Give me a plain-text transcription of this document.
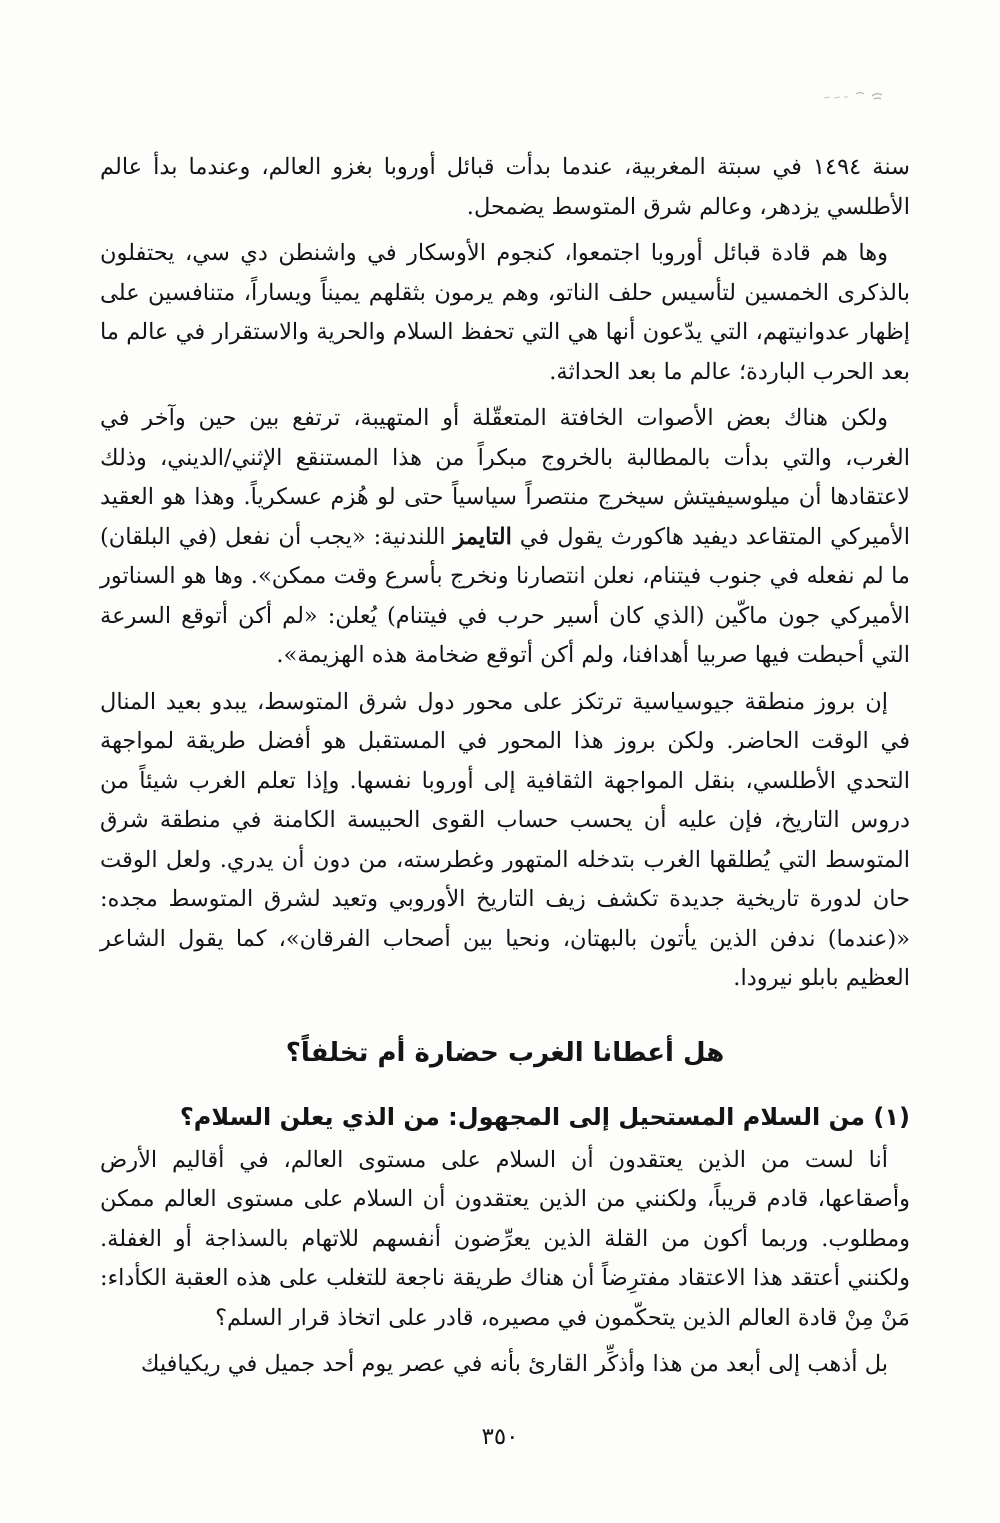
سنة ١٤٩٤ في سبتة المغربية، عندما بدأت قبائل أوروبا بغزو العالم، وعندما بدأ عالم الأطلسي يزدهر، وعالم شرق المتوسط يضمحل.

وها هم قادة قبائل أوروبا اجتمعوا، كنجوم الأوسكار في واشنطن دي سي، يحتفلون بالذكرى الخمسين لتأسيس حلف الناتو، وهم يرمون بثقلهم يميناً ويساراً، متنافسين على إظهار عدوانيتهم، التي يدّعون أنها هي التي تحفظ السلام والحرية والاستقرار في عالم ما بعد الحرب الباردة؛ عالم ما بعد الحداثة.

ولكن هناك بعض الأصوات الخافتة المتعقّلة أو المتهيبة، ترتفع بين حين وآخر في الغرب، والتي بدأت بالمطالبة بالخروج مبكراً من هذا المستنقع الإثني/الديني، وذلك لاعتقادها أن ميلوسيفيتش سيخرج منتصراً سياسياً حتى لو هُزم عسكرياً. وهذا هو العقيد الأميركي المتقاعد ديفيد هاكورث يقول في التايمز اللندنية: «يجب أن نفعل (في البلقان) ما لم نفعله في جنوب فيتنام، نعلن انتصارنا ونخرج بأسرع وقت ممكن». وها هو السناتور الأميركي جون ماكّين (الذي كان أسير حرب في فيتنام) يُعلن: «لم أكن أتوقع السرعة التي أحبطت فيها صربيا أهدافنا، ولم أكن أتوقع ضخامة هذه الهزيمة».

إن بروز منطقة جيوسياسية ترتكز على محور دول شرق المتوسط، يبدو بعيد المنال في الوقت الحاضر. ولكن بروز هذا المحور في المستقبل هو أفضل طريقة لمواجهة التحدي الأطلسي، بنقل المواجهة الثقافية إلى أوروبا نفسها. وإذا تعلم الغرب شيئاً من دروس التاريخ، فإن عليه أن يحسب حساب القوى الحبيسة الكامنة في منطقة شرق المتوسط التي يُطلقها الغرب بتدخله المتهور وغطرسته، من دون أن يدري. ولعل الوقت حان لدورة تاريخية جديدة تكشف زيف التاريخ الأوروبي وتعيد لشرق المتوسط مجده: «(عندما) ندفن الذين يأتون بالبهتان، ونحيا بين أصحاب الفرقان»، كما يقول الشاعر العظيم بابلو نيرودا.

هل أعطانا الغرب حضارة أم تخلفاً؟
(١) من السلام المستحيل إلى المجهول: من الذي يعلن السلام؟

أنا لست من الذين يعتقدون أن السلام على مستوى العالم، في أقاليم الأرض وأصقاعها، قادم قريباً، ولكنني من الذين يعتقدون أن السلام على مستوى العالم ممكن ومطلوب. وربما أكون من القلة الذين يعرِّضون أنفسهم للاتهام بالسذاجة أو الغفلة. ولكنني أعتقد هذا الاعتقاد مفترِضاً أن هناك طريقة ناجعة للتغلب على هذه العقبة الكأداء: مَنْ مِنْ قادة العالم الذين يتحكّمون في مصيره، قادر على اتخاذ قرار السلم؟

بل أذهب إلى أبعد من هذا وأذكِّر القارئ بأنه في عصر يوم أحد جميل في ريكيافيك

٣٥٠
